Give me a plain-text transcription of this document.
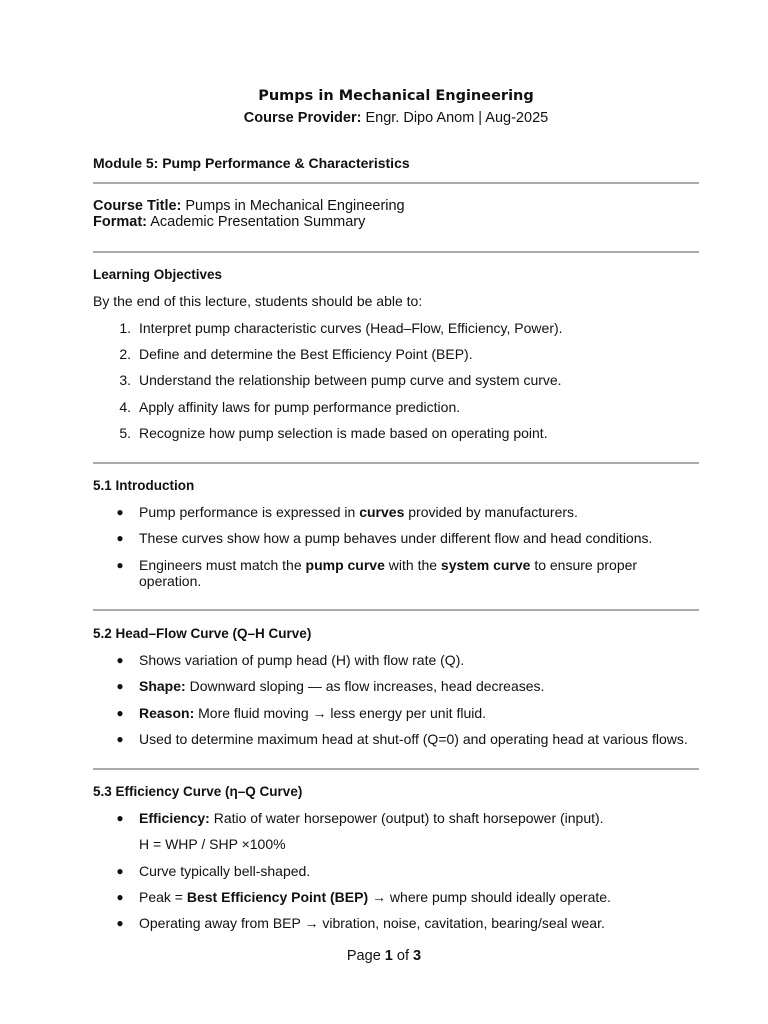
Pumps in Mechanical Engineering
Course Provider: Engr. Dipo Anom | Aug-2025
Module 5: Pump Performance & Characteristics
Course Title: Pumps in Mechanical Engineering
Format: Academic Presentation Summary
Learning Objectives
By the end of this lecture, students should be able to:
1. Interpret pump characteristic curves (Head–Flow, Efficiency, Power).
2. Define and determine the Best Efficiency Point (BEP).
3. Understand the relationship between pump curve and system curve.
4. Apply affinity laws for pump performance prediction.
5. Recognize how pump selection is made based on operating point.
5.1 Introduction
● Pump performance is expressed in curves provided by manufacturers.
● These curves show how a pump behaves under different flow and head conditions.
● Engineers must match the pump curve with the system curve to ensure proper
operation.
5.2 Head–Flow Curve (Q–H Curve)
● Shows variation of pump head (H) with flow rate (Q).
● Shape: Downward sloping — as flow increases, head decreases.
● Reason: More fluid moving → less energy per unit fluid.
● Used to determine maximum head at shut-off (Q=0) and operating head at various flows.
5.3 Efficiency Curve (η–Q Curve)
● Efficiency: Ratio of water horsepower (output) to shaft horsepower (input).
H = WHP / SHP ×100%
● Curve typically bell-shaped.
● Peak = Best Efficiency Point (BEP) → where pump should ideally operate.
● Operating away from BEP → vibration, noise, cavitation, bearing/seal wear.
Page 1 of 3
